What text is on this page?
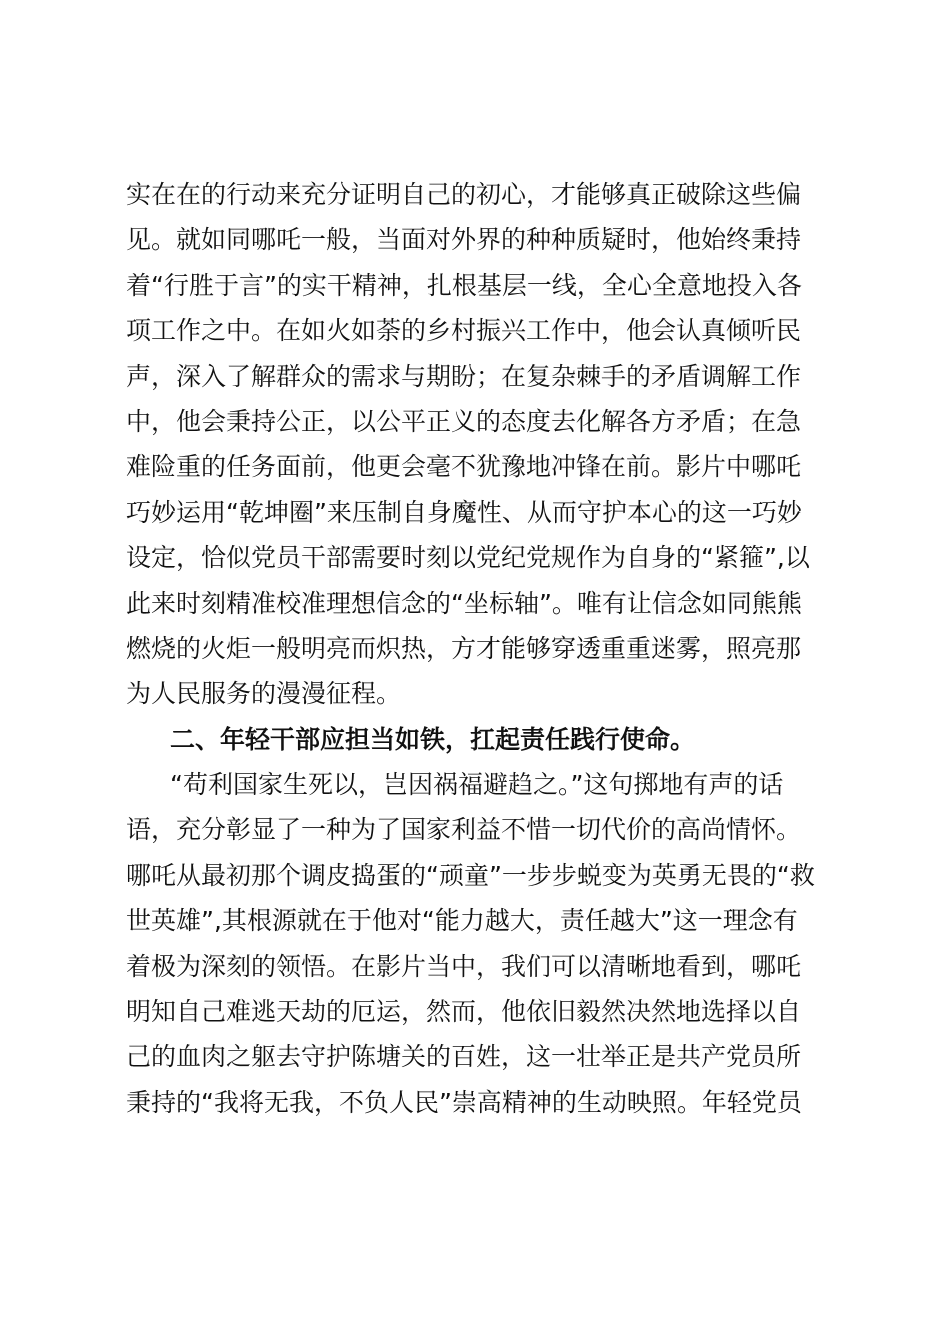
实在在的行动来充分证明自己的初心，才能够真正破除这些偏
见。就如同哪吒一般，当面对外界的种种质疑时，他始终秉持
着“行胜于言”的实干精神，扎根基层一线，全心全意地投入各
项工作之中。在如火如荼的乡村振兴工作中，他会认真倾听民
声，深入了解群众的需求与期盼；在复杂棘手的矛盾调解工作
中，他会秉持公正，以公平正义的态度去化解各方矛盾；在急
难险重的任务面前，他更会毫不犹豫地冲锋在前。影片中哪吒
巧妙运用“乾坤圈”来压制自身魔性、从而守护本心的这一巧妙
设定，恰似党员干部需要时刻以党纪党规作为自身的“紧箍”,以
此来时刻精准校准理想信念的“坐标轴”。唯有让信念如同熊熊
燃烧的火炬一般明亮而炽热，方才能够穿透重重迷雾，照亮那
为人民服务的漫漫征程。
二、年轻干部应担当如铁，扛起责任践行使命。
“苟利国家生死以，岂因祸福避趋之。”这句掷地有声的话
语，充分彰显了一种为了国家利益不惜一切代价的高尚情怀。
哪吒从最初那个调皮捣蛋的“顽童”一步步蜕变为英勇无畏的“救
世英雄”,其根源就在于他对“能力越大，责任越大”这一理念有
着极为深刻的领悟。在影片当中，我们可以清晰地看到，哪吒
明知自己难逃天劫的厄运，然而，他依旧毅然决然地选择以自
己的血肉之躯去守护陈塘关的百姓，这一壮举正是共产党员所
秉持的“我将无我，不负人民”崇高精神的生动映照。年轻党员
